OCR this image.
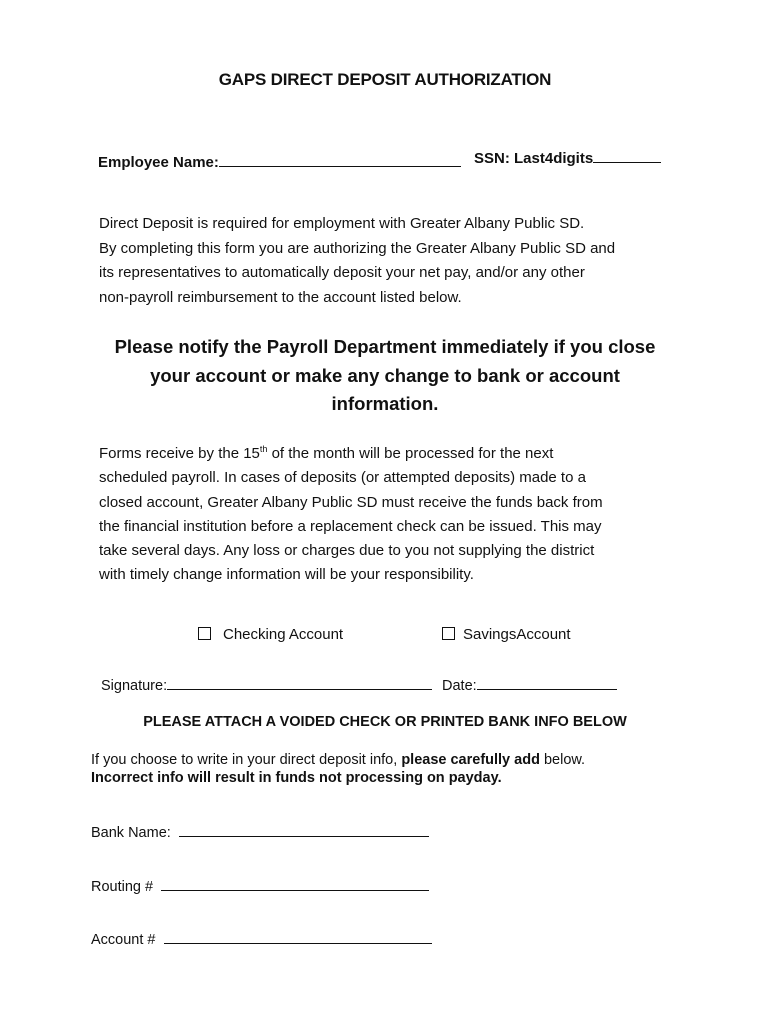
GAPS DIRECT DEPOSIT AUTHORIZATION
Employee Name:	SSN: Last4digits
Direct Deposit is required for employment with Greater Albany Public SD.
By completing this form you are authorizing the Greater Albany Public SD and
its representatives to automatically deposit your net pay, and/or any other
non-payroll reimbursement to the account listed below.
Please notify the Payroll Department immediately if you close
your account or make any change to bank or account
information.
Forms receive by the 15th of the month will be processed for the next
scheduled payroll. In cases of deposits (or attempted deposits) made to a
closed account, Greater Albany Public SD must receive the funds back from
the financial institution before a replacement check can be issued. This may
take several days. Any loss or charges due to you not supplying the district
with timely change information will be your responsibility.
Checking Account	SavingsAccount
Signature:	Date:
PLEASE ATTACH A VOIDED CHECK OR PRINTED BANK INFO BELOW
If you choose to write in your direct deposit info, please carefully add below.
Incorrect info will result in funds not processing on payday.
Bank Name:
Routing #
Account #
